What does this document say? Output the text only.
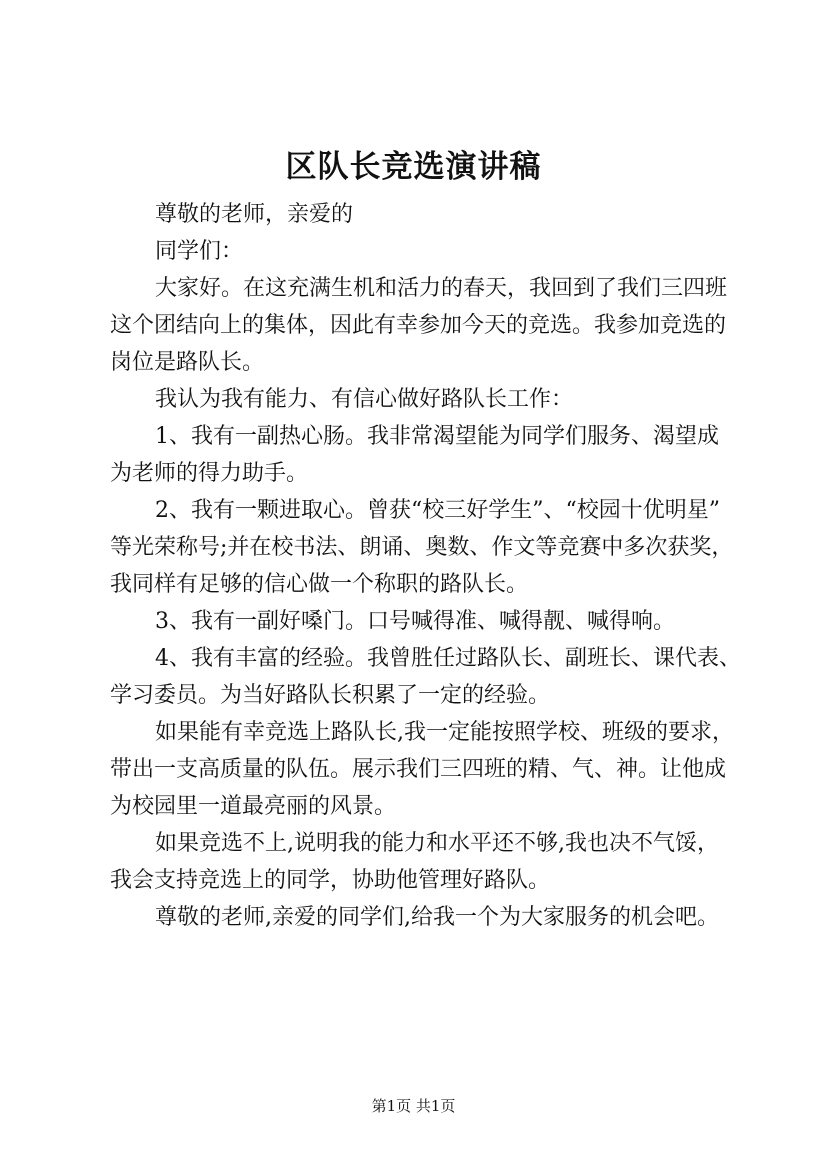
区队长竞选演讲稿
尊敬的老师，亲爱的
同学们：
大家好。在这充满生机和活力的春天，我回到了我们三四班
这个团结向上的集体，因此有幸参加今天的竞选。我参加竞选的
岗位是路队长。
我认为我有能力、有信心做好路队长工作：
1、我有一副热心肠。我非常渴望能为同学们服务、渴望成
为老师的得力助手。
2、我有一颗进取心。曾获“校三好学生”、“校园十优明星”
等光荣称号;并在校书法、朗诵、奥数、作文等竞赛中多次获奖，
我同样有足够的信心做一个称职的路队长。
3、我有一副好嗓门。口号喊得准、喊得靓、喊得响。
4、我有丰富的经验。我曾胜任过路队长、副班长、课代表、
学习委员。为当好路队长积累了一定的经验。
如果能有幸竞选上路队长,我一定能按照学校、班级的要求，
带出一支高质量的队伍。展示我们三四班的精、气、神。让他成
为校园里一道最亮丽的风景。
如果竞选不上,说明我的能力和水平还不够,我也决不气馁，
我会支持竞选上的同学，协助他管理好路队。
尊敬的老师,亲爱的同学们,给我一个为大家服务的机会吧。
第1页 共1页
